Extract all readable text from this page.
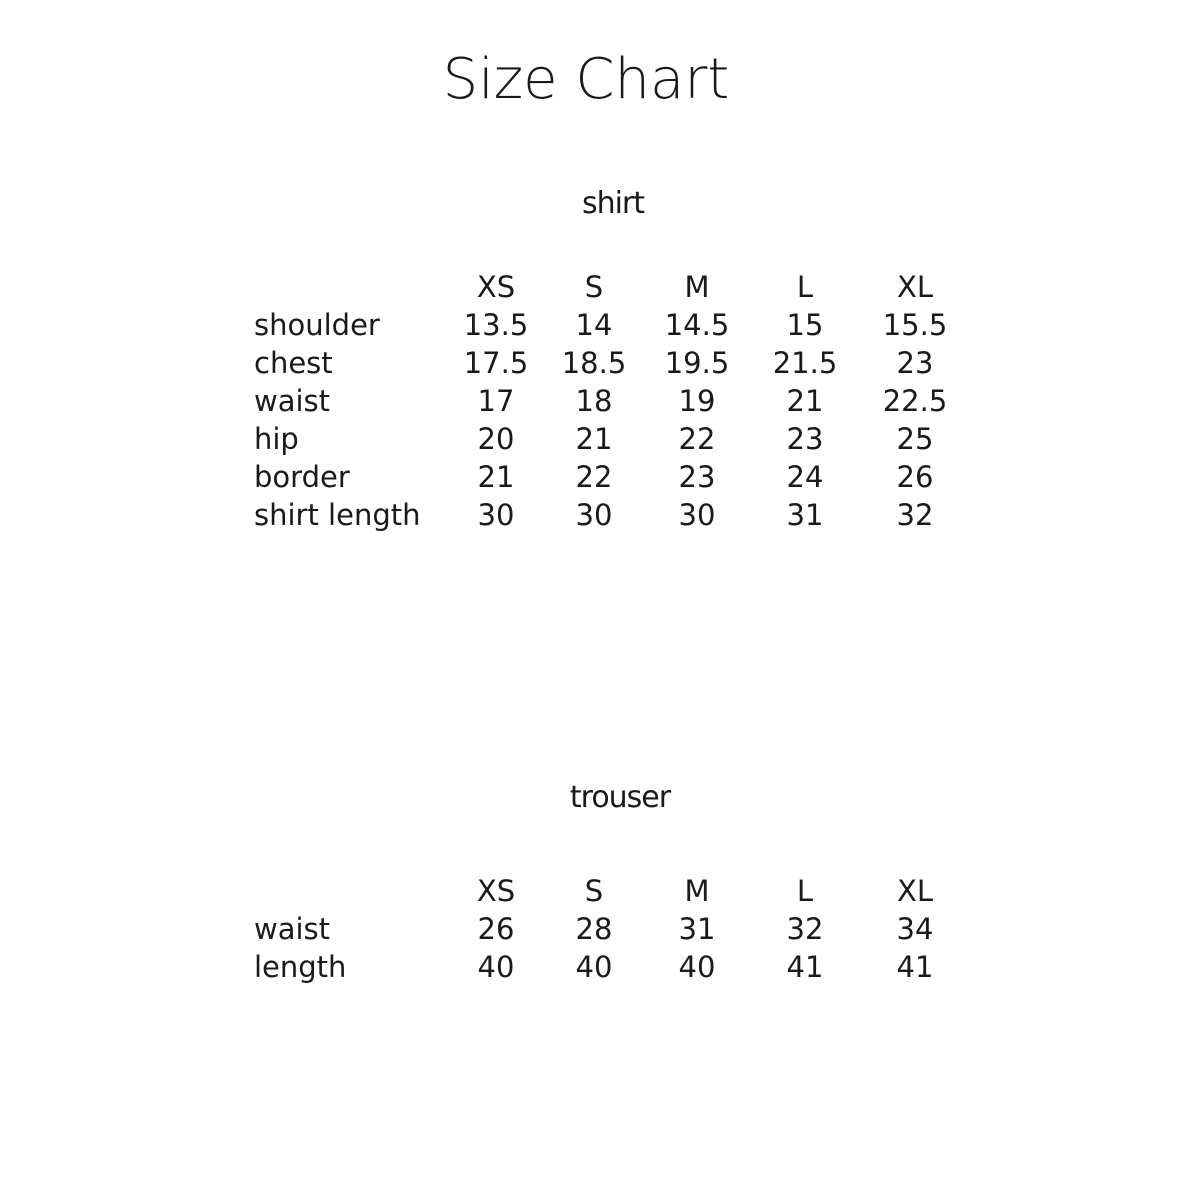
Size Chart
shirt
	XS	S	M	L	XL
shoulder	13.5	14	14.5	15	15.5
chest	17.5	18.5	19.5	21.5	23
waist	17	18	19	21	22.5
hip	20	21	22	23	25
border	21	22	23	24	26
shirt length	30	30	30	31	32
trouser
	XS	S	M	L	XL
waist	26	28	31	32	34
length	40	40	40	41	41
